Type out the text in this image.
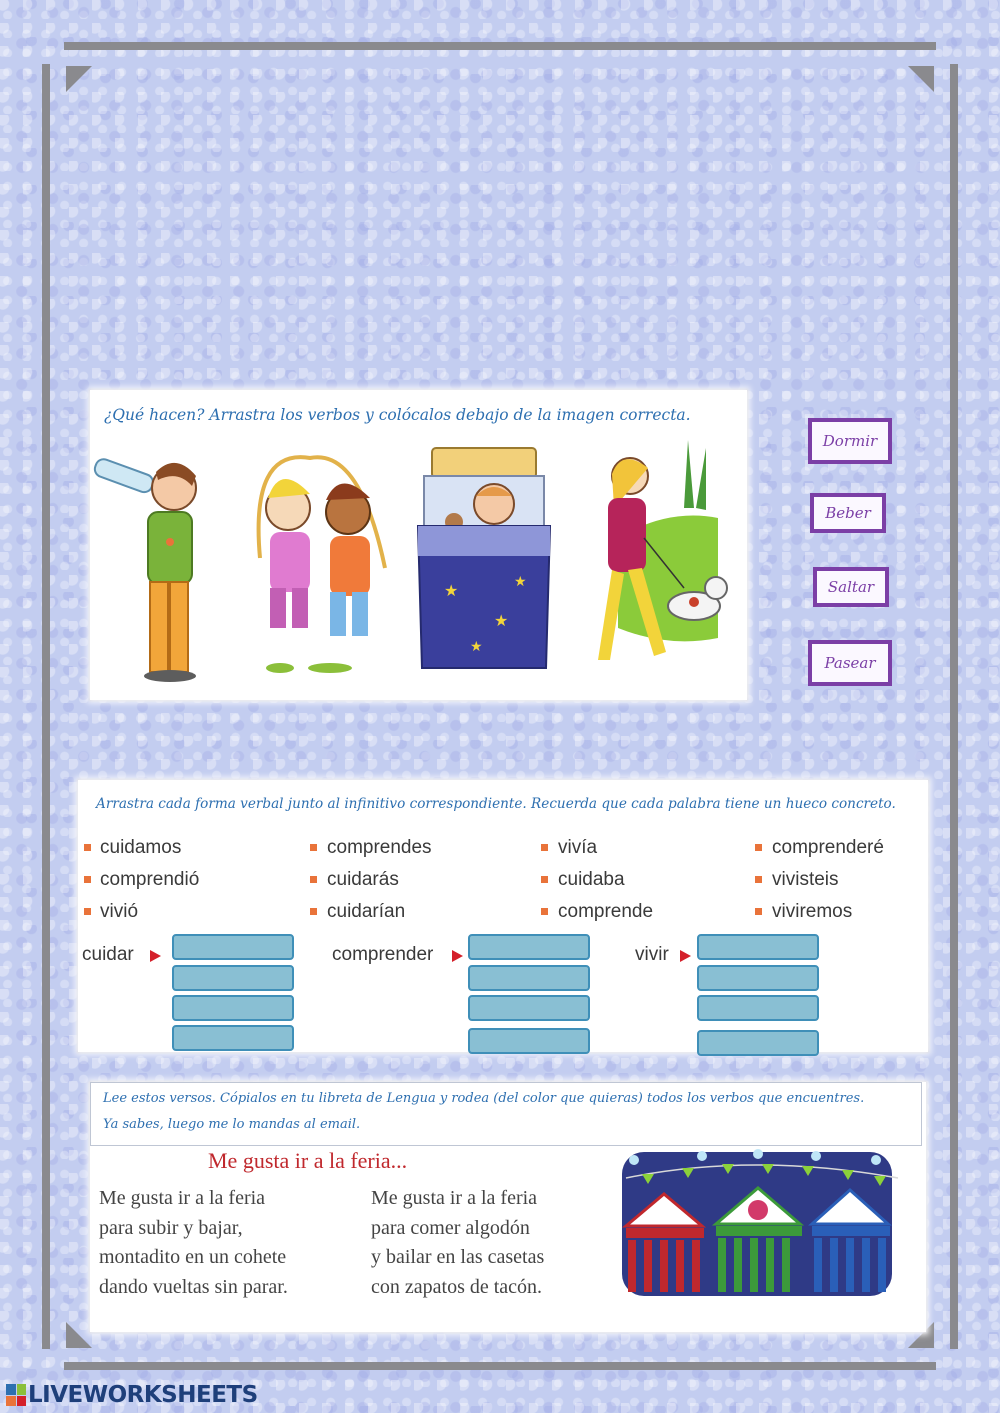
¿Qué hacen? Arrastra los verbos y colócalos debajo de la imagen correcta.
★
★
★
★
Dormir
Beber
Saltar
Pasear
Arrastra cada forma verbal junto al infinitivo correspondiente. Recuerda que cada palabra tiene un hueco concreto.
cuidamos
comprendió
vivió
comprendes
cuidarás
cuidarían
vivía
cuidaba
comprende
comprenderé
vivisteis
viviremos
cuidar	comprender	vivir
Lee estos versos. Cópialos en tu libreta de Lengua y rodea (del color que quieras) todos los verbos que encuentres.
Ya sabes, luego me lo mandas al email.
Me gusta ir a la feria...
Me gusta ir a la feria
para subir y bajar,
montadito en un cohete
dando vueltas sin parar.
Me gusta ir a la feria
para comer algodón
y bailar en las casetas
con zapatos de tacón.
LIVEWORKSHEETS
